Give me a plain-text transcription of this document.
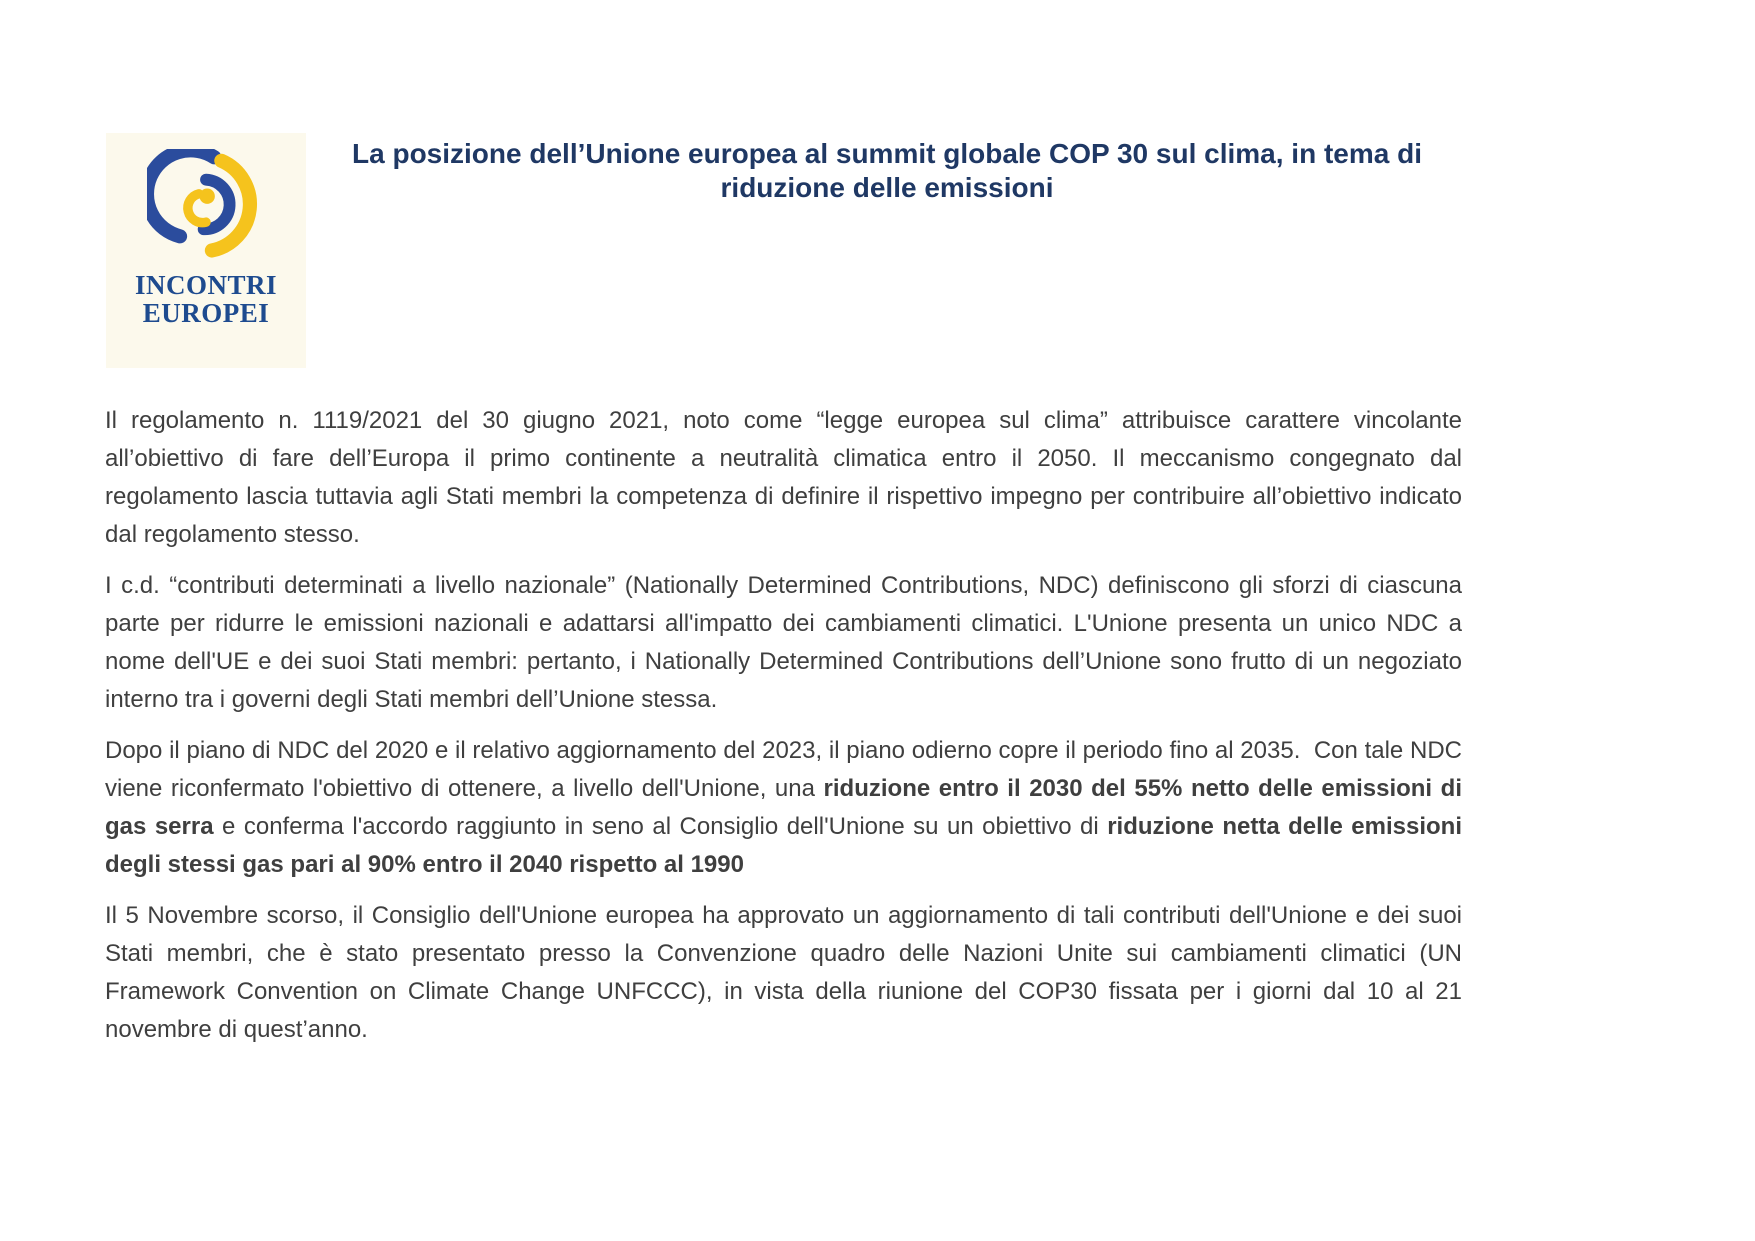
INCONTRI
EUROPEI
La posizione dell’Unione europea al summit globale COP 30 sul clima, in tema di riduzione delle emissioni

Il regolamento n. 1119/2021 del 30 giugno 2021, noto come “legge europea sul clima” attribuisce carattere vincolante all’obiettivo di fare dell’Europa il primo continente a neutralità climatica entro il 2050. Il meccanismo congegnato dal regolamento lascia tuttavia agli Stati membri la competenza di definire il rispettivo impegno per contribuire all’obiettivo indicato dal regolamento stesso.

I c.d. “contributi determinati a livello nazionale” (Nationally Determined Contributions, NDC) definiscono gli sforzi di ciascuna parte per ridurre le emissioni nazionali e adattarsi all'impatto dei cambiamenti climatici. L'Unione presenta un unico NDC a nome dell'UE e dei suoi Stati membri: pertanto, i Nationally Determined Contributions dell’Unione sono frutto di un negoziato interno tra i governi degli Stati membri dell’Unione stessa.

Dopo il piano di NDC del 2020 e il relativo aggiornamento del 2023, il piano odierno copre il periodo fino al 2035.  Con tale NDC viene riconfermato l'obiettivo di ottenere, a livello dell'Unione, una riduzione entro il 2030 del 55% netto delle emissioni di gas serra e conferma l'accordo raggiunto in seno al Consiglio dell'Unione su un obiettivo di riduzione netta delle emissioni degli stessi gas pari al 90% entro il 2040 rispetto al 1990

Il 5 Novembre scorso, il Consiglio dell'Unione europea ha approvato un aggiornamento di tali contributi dell'Unione e dei suoi Stati membri, che è stato presentato presso la Convenzione quadro delle Nazioni Unite sui cambiamenti climatici (UN Framework Convention on Climate Change UNFCCC), in vista della riunione del COP30 fissata per i giorni dal 10 al 21 novembre di quest’anno.
